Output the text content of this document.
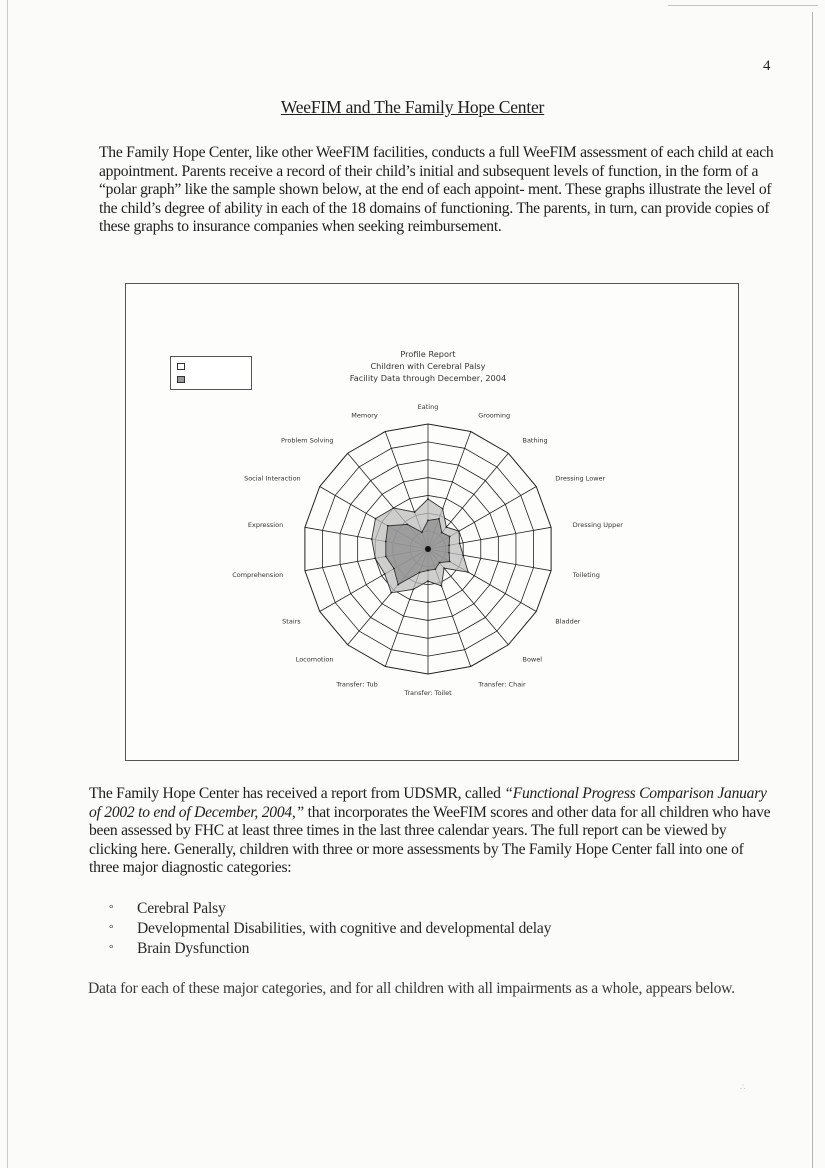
4
WeeFIM and The Family Hope Center

The Family Hope Center, like other WeeFIM facilities, conducts a full WeeFIM assessment of each child at each appointment. Parents receive a record of their child’s initial and subsequent levels of function, in the form of a “polar graph” like the sample shown below, at the end of each appoint- ment. These graphs illustrate the level of the child’s degree of ability in each of the 18 domains of functioning. The parents, in turn, can provide copies of these graphs to insurance companies when seeking reimbursement.

Profile Report
Children with Cerebral Palsy
Facility Data through December, 2004
Eating
Grooming
Bathing
Dressing Lower
Dressing Upper
Toileting
Bladder
Bowel
Transfer: Chair
Transfer: Toilet
Transfer: Tub
Locomotion
Stairs
Comprehension
Expression
Social Interaction
Problem Solving
Memory

The Family Hope Center has received a report from UDSMR, called “Functional Progress Comparison January of 2002 to end of December, 2004,” that incorporates the WeeFIM scores and other data for all children who have been assessed by FHC at least three times in the last three calendar years. The full report can be viewed by clicking here. Generally, children with three or more assessments by The Family Hope Center fall into one of three major diagnostic categories:

° Cerebral Palsy
° Developmental Disabilities, with cognitive and developmental delay
° Brain Dysfunction

Data for each of these major categories, and for all children with all impairments as a whole, appears below.

∴
